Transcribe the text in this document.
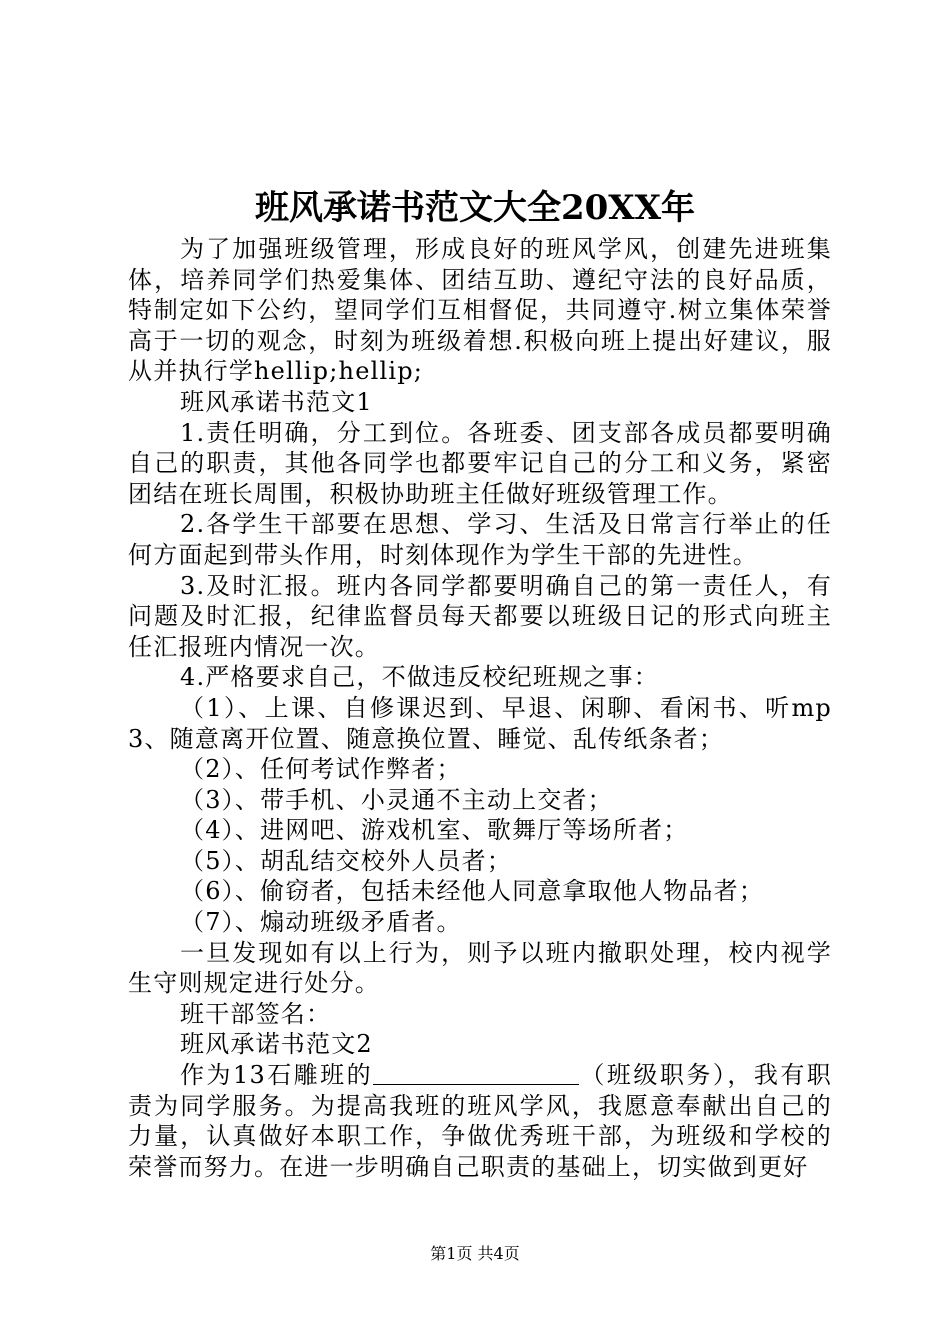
班风承诺书范文大全20XX年

为了加强班级管理，形成良好的班风学风，创建先进班集体，培养同学们热爱集体、团结互助、遵纪守法的良好品质，特制定如下公约，望同学们互相督促，共同遵守.树立集体荣誉高于一切的观念，时刻为班级着想.积极向班上提出好建议，服从并执行学hellip;hellip;

班风承诺书范文1

1.责任明确，分工到位。各班委、团支部各成员都要明确自己的职责，其他各同学也都要牢记自己的分工和义务，紧密团结在班长周围，积极协助班主任做好班级管理工作。

2.各学生干部要在思想、学习、生活及日常言行举止的任何方面起到带头作用，时刻体现作为学生干部的先进性。

3.及时汇报。班内各同学都要明确自己的第一责任人，有问题及时汇报，纪律监督员每天都要以班级日记的形式向班主任汇报班内情况一次。

4.严格要求自己，不做违反校纪班规之事：

（1）、上课、自修课迟到、早退、闲聊、看闲书、听mp3、随意离开位置、随意换位置、睡觉、乱传纸条者；

（2）、任何考试作弊者；

（3）、带手机、小灵通不主动上交者；

（4）、进网吧、游戏机室、歌舞厅等场所者；

（5）、胡乱结交校外人员者；

（6）、偷窃者，包括未经他人同意拿取他人物品者；

（7）、煽动班级矛盾者。

一旦发现如有以上行为，则予以班内撤职处理，校内视学生守则规定进行处分。

班干部签名：

班风承诺书范文2

作为13石雕班的	（班级职务），我有职责为同学服务。为提高我班的班风学风，我愿意奉献出自己的力量，认真做好本职工作，争做优秀班干部，为班级和学校的荣誉而努力。在进一步明确自己职责的基础上，切实做到更好

第1页 共4页
